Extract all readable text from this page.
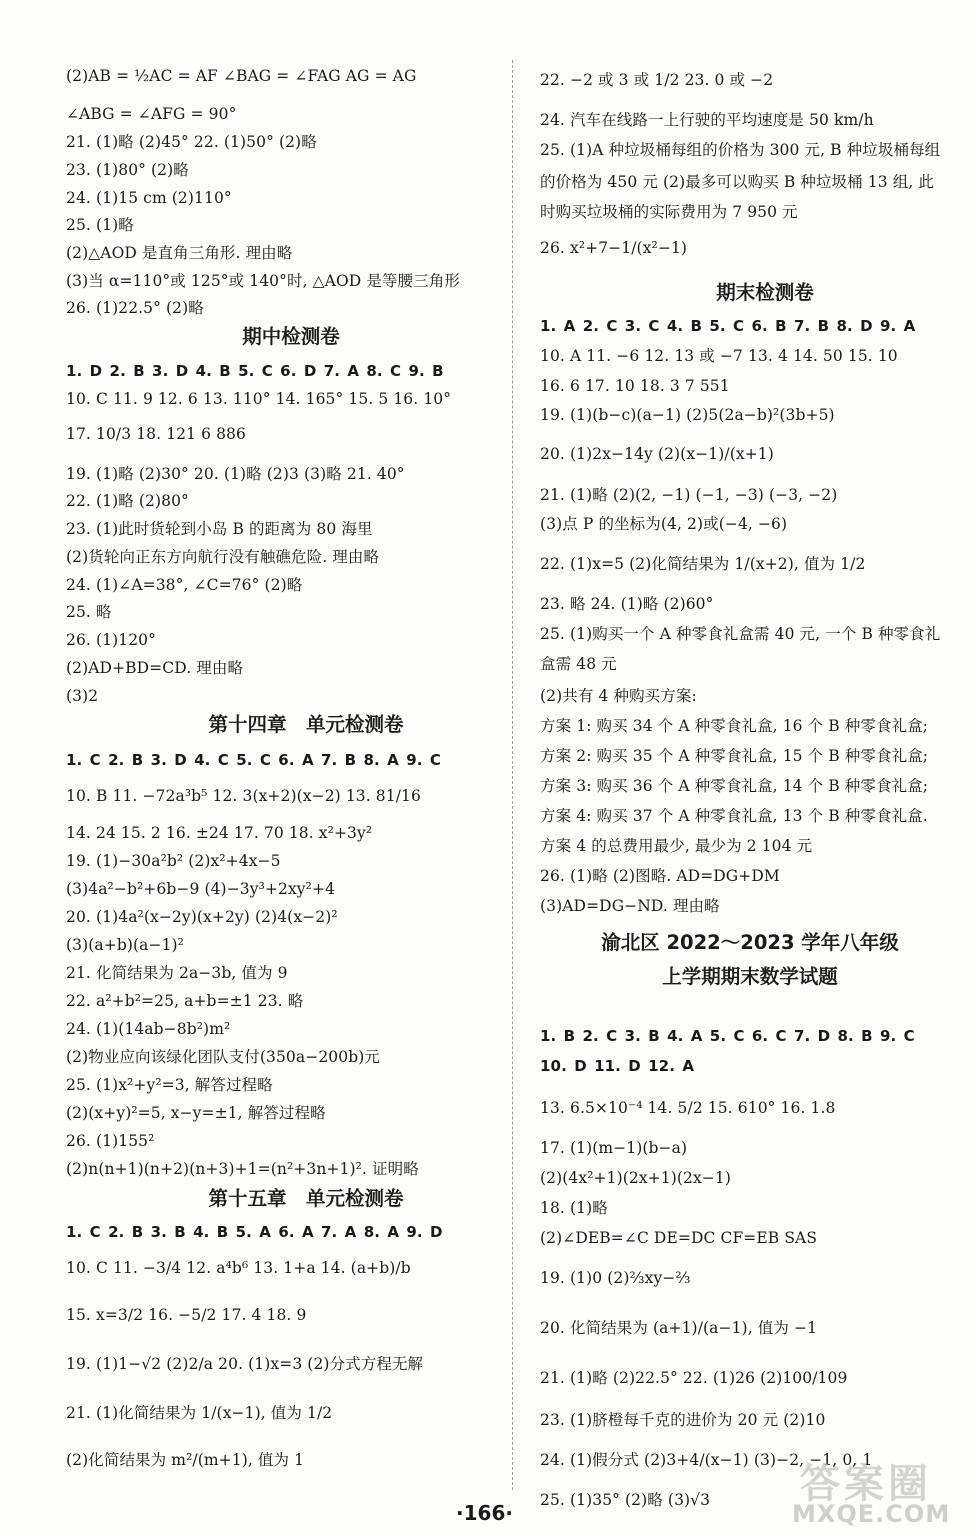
期中检测卷
第十四章　单元检测卷
第十五章　单元检测卷
(2)AB = ½AC = AF ∠BAG = ∠FAG AG = AG
∠ABG = ∠AFG = 90°
21. (1)略 (2)45° 22. (1)50° (2)略
23. (1)80° (2)略
24. (1)15 cm (2)110°
25. (1)略
(2)△AOD 是直角三角形. 理由略
(3)当 α=110°或 125°或 140°时, △AOD 是等腰三角形
26. (1)22.5° (2)略
1. D 2. B 3. D 4. B 5. C 6. D 7. A 8. C 9. B
10. C 11. 9 12. 6 13. 110° 14. 165° 15. 5 16. 10°
17. 10/3 18. 121 6 886
19. (1)略 (2)30° 20. (1)略 (2)3 (3)略 21. 40°
22. (1)略 (2)80°
23. (1)此时货轮到小岛 B 的距离为 80 海里
(2)货轮向正东方向航行没有触礁危险. 理由略
24. (1)∠A=38°, ∠C=76° (2)略
25. 略
26. (1)120°
(2)AD+BD=CD. 理由略
(3)2
1. C 2. B 3. D 4. C 5. C 6. A 7. B 8. A 9. C
10. B 11. −72a³b⁵ 12. 3(x+2)(x−2) 13. 81/16
14. 24 15. 2 16. ±24 17. 70 18. x²+3y²
19. (1)−30a²b² (2)x²+4x−5
(3)4a²−b²+6b−9 (4)−3y³+2xy²+4
20. (1)4a²(x−2y)(x+2y) (2)4(x−2)²
(3)(a+b)(a−1)²
21. 化简结果为 2a−3b, 值为 9
22. a²+b²=25, a+b=±1 23. 略
24. (1)(14ab−8b²)m²
(2)物业应向该绿化团队支付(350a−200b)元
25. (1)x²+y²=3, 解答过程略
(2)(x+y)²=5, x−y=±1, 解答过程略
26. (1)155²
(2)n(n+1)(n+2)(n+3)+1=(n²+3n+1)². 证明略
1. C 2. B 3. B 4. B 5. A 6. A 7. A 8. A 9. D
10. C 11. −3/4 12. a⁴b⁶ 13. 1+a 14. (a+b)/b
15. x=3/2 16. −5/2 17. 4 18. 9
19. (1)1−√2 (2)2/a 20. (1)x=3 (2)分式方程无解
21. (1)化简结果为 1/(x−1), 值为 1/2
(2)化简结果为 m²/(m+1), 值为 1
期末检测卷
渝北区 2022～2023 学年八年级
上学期期末数学试题
22. −2 或 3 或 1/2 23. 0 或 −2
24. 汽车在线路一上行驶的平均速度是 50 km/h
25. (1)A 种垃圾桶每组的价格为 300 元, B 种垃圾桶每组
的价格为 450 元 (2)最多可以购买 B 种垃圾桶 13 组, 此
时购买垃圾桶的实际费用为 7 950 元
26. x²+7−1/(x²−1)
1. A 2. C 3. C 4. B 5. C 6. B 7. B 8. D 9. A
10. A 11. −6 12. 13 或 −7 13. 4 14. 50 15. 10
16. 6 17. 10 18. 3 7 551
19. (1)(b−c)(a−1) (2)5(2a−b)²(3b+5)
20. (1)2x−14y (2)(x−1)/(x+1)
21. (1)略 (2)(2, −1) (−1, −3) (−3, −2)
(3)点 P 的坐标为(4, 2)或(−4, −6)
22. (1)x=5 (2)化简结果为 1/(x+2), 值为 1/2
23. 略 24. (1)略 (2)60°
25. (1)购买一个 A 种零食礼盒需 40 元, 一个 B 种零食礼
盒需 48 元
(2)共有 4 种购买方案:
方案 1: 购买 34 个 A 种零食礼盒, 16 个 B 种零食礼盒;
方案 2: 购买 35 个 A 种零食礼盒, 15 个 B 种零食礼盒;
方案 3: 购买 36 个 A 种零食礼盒, 14 个 B 种零食礼盒;
方案 4: 购买 37 个 A 种零食礼盒, 13 个 B 种零食礼盒.
方案 4 的总费用最少, 最少为 2 104 元
26. (1)略 (2)图略. AD=DG+DM
(3)AD=DG−ND. 理由略
1. B 2. C 3. B 4. A 5. C 6. C 7. D 8. B 9. C
10. D 11. D 12. A
13. 6.5×10⁻⁴ 14. 5/2 15. 610° 16. 1.8
17. (1)(m−1)(b−a)
(2)(4x²+1)(2x+1)(2x−1)
18. (1)略
(2)∠DEB=∠C DE=DC CF=EB SAS
19. (1)0 (2)⅔xy−⅔
20. 化简结果为 (a+1)/(a−1), 值为 −1
21. (1)略 (2)22.5° 22. (1)26 (2)100/109
23. (1)脐橙每千克的进价为 20 元 (2)10
24. (1)假分式 (2)3+4/(x−1) (3)−2, −1, 0, 1
25. (1)35° (2)略 (3)√3
·166·
答案圈
MXQE.COM
